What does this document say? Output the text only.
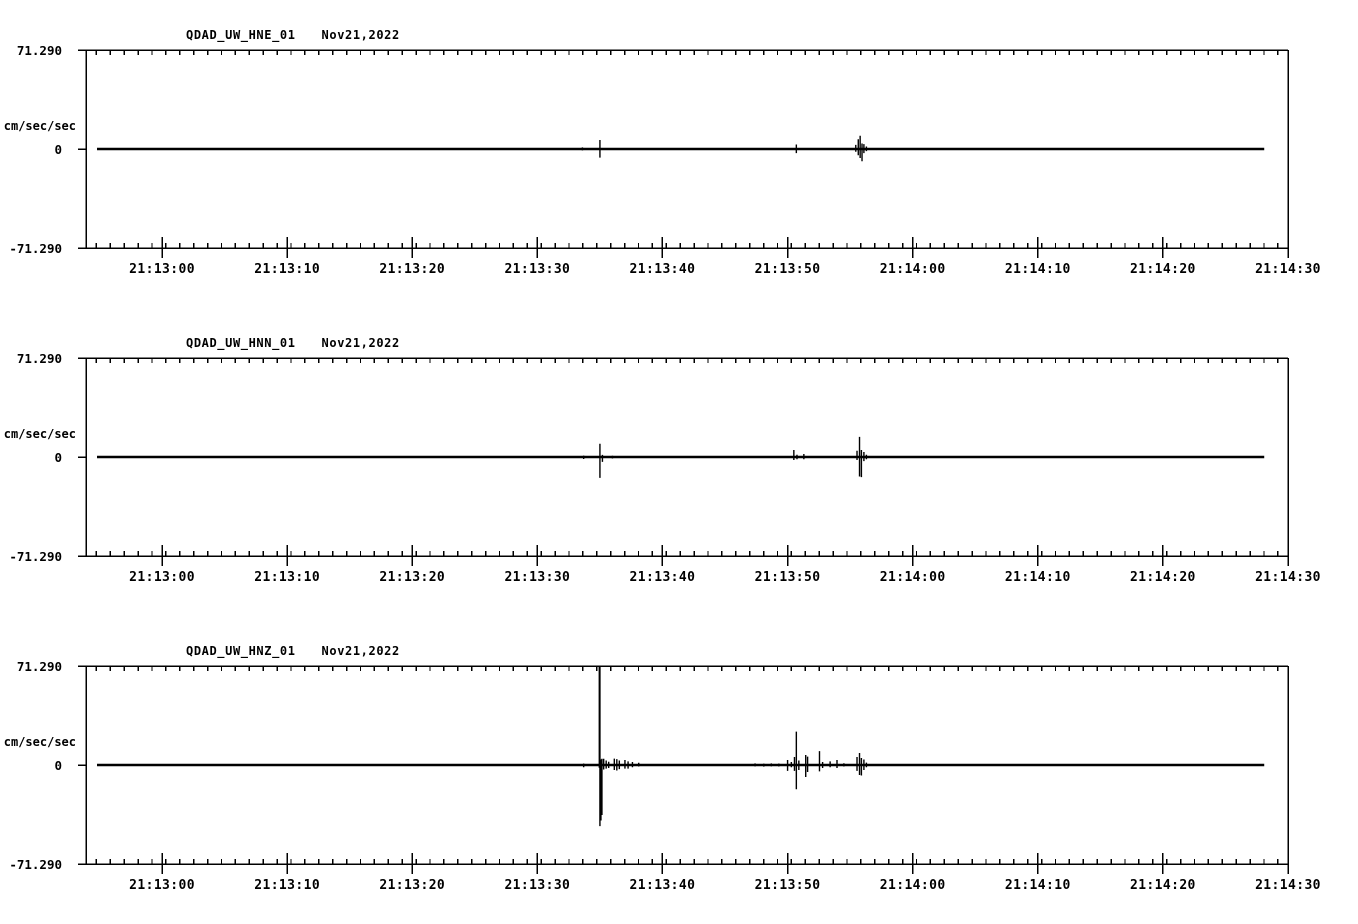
QDAD_UW_HNE_01 Nov21,2022
71.290
cm/sec/sec
0
-71.290
21:13:00	21:13:10	21:13:20	21:13:30	21:13:40	21:13:50	21:14:00	21:14:10	21:14:20	21:14:30
QDAD_UW_HNN_01 Nov21,2022
71.290
cm/sec/sec
0
-71.290
21:13:00	21:13:10	21:13:20	21:13:30	21:13:40	21:13:50	21:14:00	21:14:10	21:14:20	21:14:30
QDAD_UW_HNZ_01 Nov21,2022
71.290
cm/sec/sec
0
-71.290
21:13:00	21:13:10	21:13:20	21:13:30	21:13:40	21:13:50	21:14:00	21:14:10	21:14:20	21:14:30
